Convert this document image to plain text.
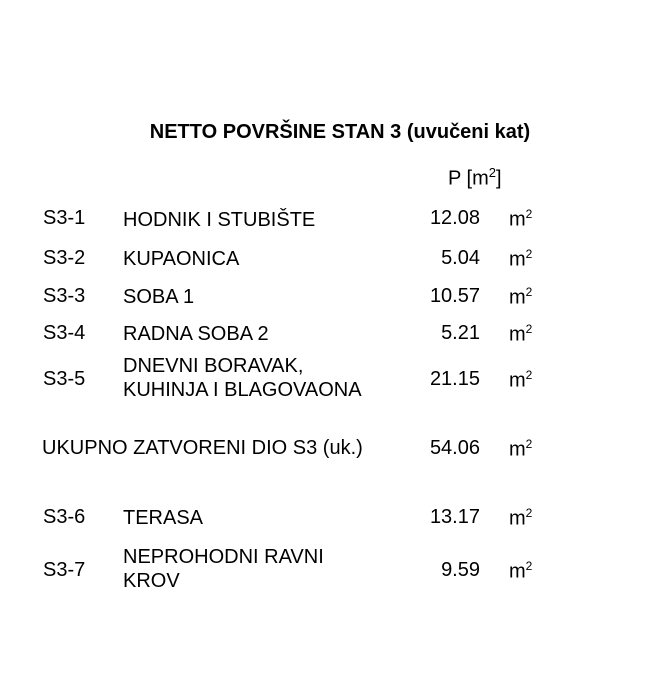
NETTO POVRŠINE STAN 3 (uvučeni kat)
P $[m^2]$
S3-1 HODNIK I STUBIŠTE	12.08 $m^2$
S3-2 KUPAONICA	5.04 $m^2$
S3-3 SOBA 1	10.57 $m^2$
S3-4 RADNA SOBA 2	5.21 $m^2$
S3-5
DNEVNI BORAVAK,
KUHINJA I BLAGOVAONA	21.15 $m^2$
UKUPNO ZATVORENI DIO S3 (uk.)	54.06 $m^2$
S3-6 TERASA	13.17 $m^2$
S3-7
NEPROHODNI RAVNI
KROV	9.59 $m^2$
